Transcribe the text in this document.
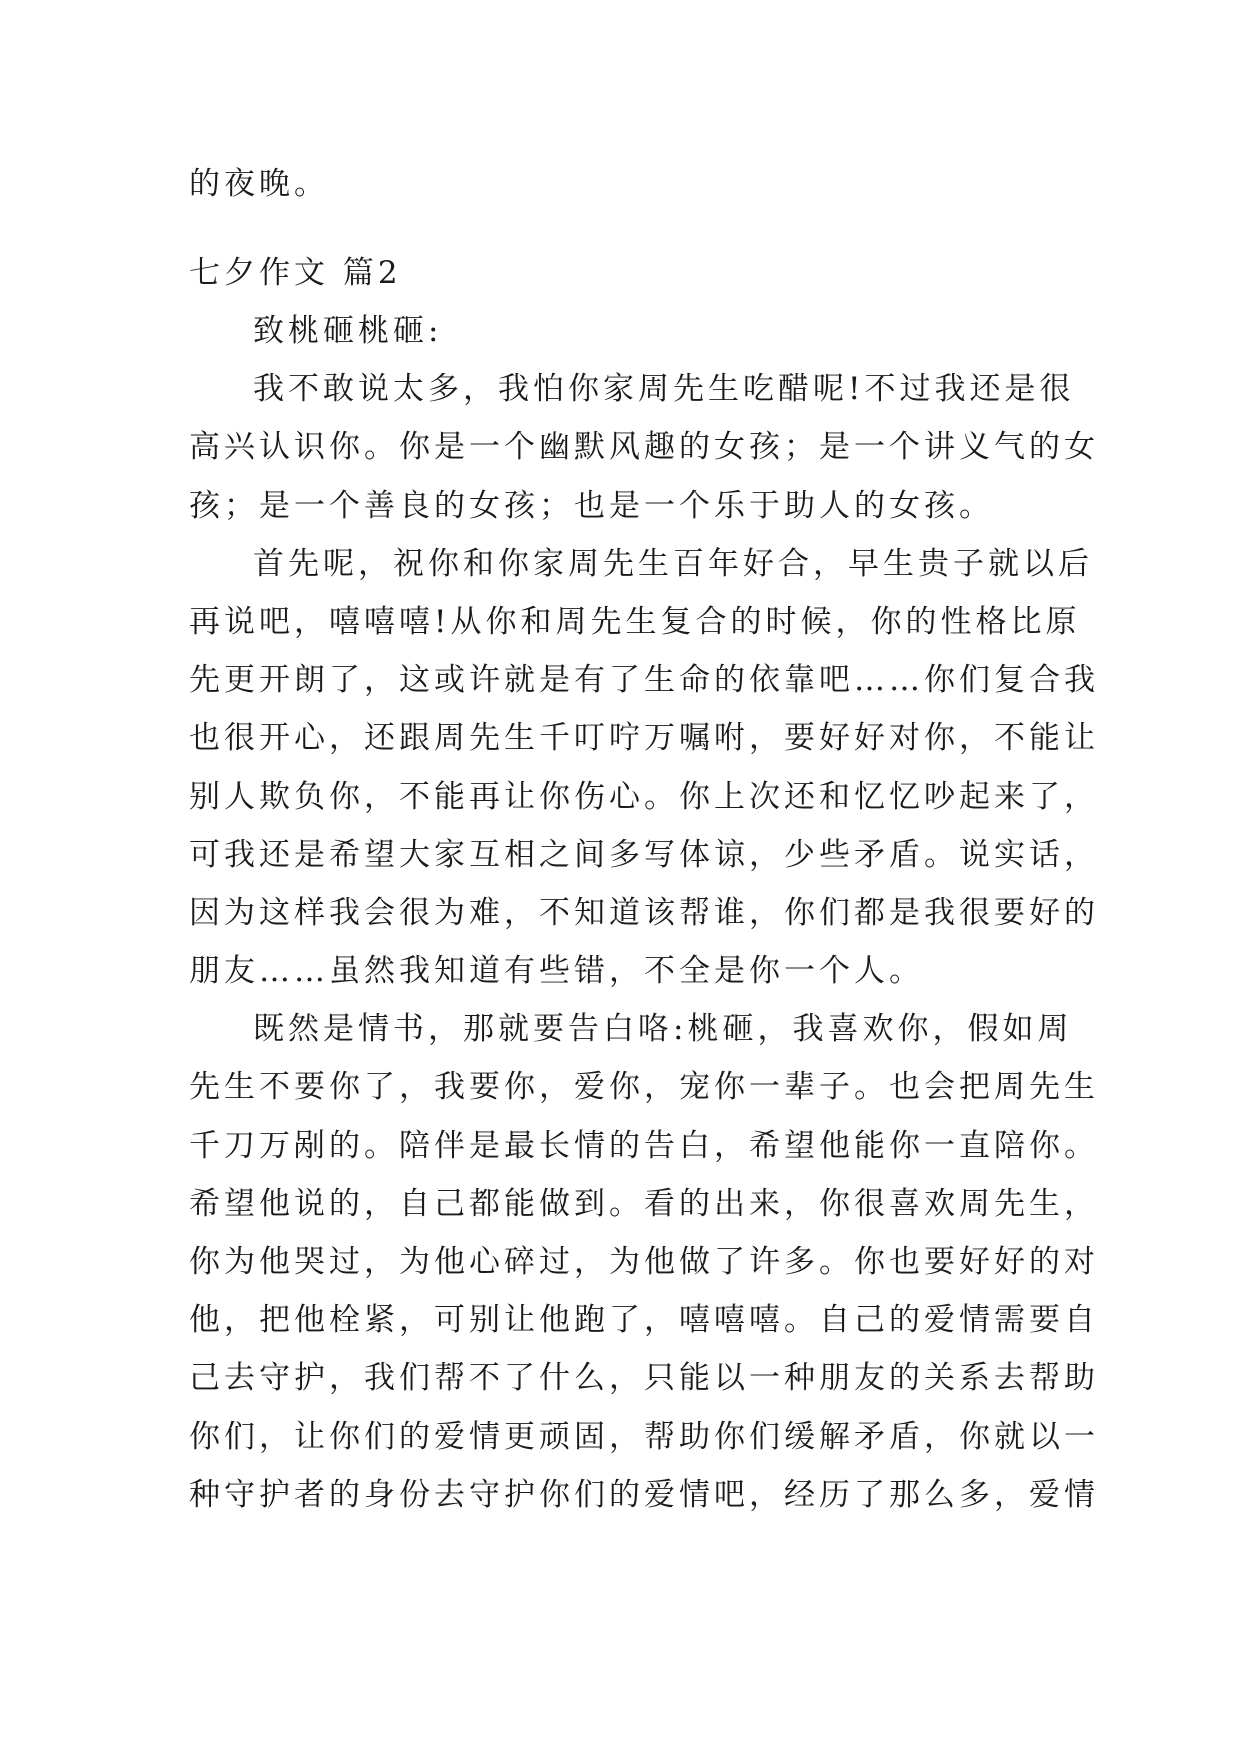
的夜晚。
七夕作文 篇2
致桃砸桃砸:
我不敢说太多，我怕你家周先生吃醋呢!不过我还是很
高兴认识你。你是一个幽默风趣的女孩；是一个讲义气的女
孩；是一个善良的女孩；也是一个乐于助人的女孩。
首先呢，祝你和你家周先生百年好合，早生贵子就以后
再说吧，嘻嘻嘻!从你和周先生复合的时候，你的性格比原
先更开朗了，这或许就是有了生命的依靠吧……你们复合我
也很开心，还跟周先生千叮咛万嘱咐，要好好对你，不能让
别人欺负你，不能再让你伤心。你上次还和忆忆吵起来了，
可我还是希望大家互相之间多写体谅，少些矛盾。说实话，
因为这样我会很为难，不知道该帮谁，你们都是我很要好的
朋友……虽然我知道有些错，不全是你一个人。
既然是情书，那就要告白咯:桃砸，我喜欢你，假如周
先生不要你了，我要你，爱你，宠你一辈子。也会把周先生
千刀万剐的。陪伴是最长情的告白，希望他能你一直陪你。
希望他说的，自己都能做到。看的出来，你很喜欢周先生，
你为他哭过，为他心碎过，为他做了许多。你也要好好的对
他，把他栓紧，可别让他跑了，嘻嘻嘻。自己的爱情需要自
己去守护，我们帮不了什么，只能以一种朋友的关系去帮助
你们，让你们的爱情更顽固，帮助你们缓解矛盾，你就以一
种守护者的身份去守护你们的爱情吧，经历了那么多，爱情
